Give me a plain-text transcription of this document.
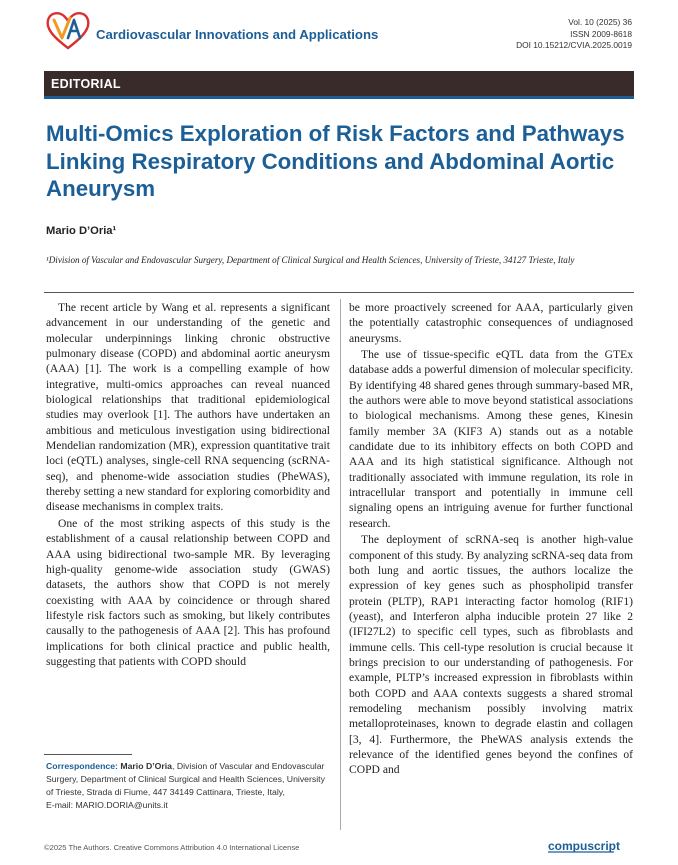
Cardiovascular Innovations and Applications
Vol. 10 (2025) 36
ISSN 2009-8618
DOI 10.15212/CVIA.2025.0019
EDITORIAL
Multi-Omics Exploration of Risk Factors and Pathways Linking Respiratory Conditions and Abdominal Aortic Aneurysm
Mario D’Oria¹
¹Division of Vascular and Endovascular Surgery, Department of Clinical Surgical and Health Sciences, University of Trieste, 34127 Trieste, Italy

The recent article by Wang et al. represents a significant advancement in our understanding of the genetic and molecular underpinnings linking chronic obstructive pulmonary disease (COPD) and abdominal aortic aneurysm (AAA) [1]. The work is a compelling example of how integrative, multi-omics approaches can reveal nuanced biological relationships that traditional epidemiological studies may overlook [1]. The authors have undertaken an ambitious and meticulous investigation using bidirectional Mendelian randomization (MR), expression quantitative trait loci (eQTL) analyses, single-cell RNA sequencing (scRNA-seq), and phenome-wide association studies (PheWAS), thereby setting a new standard for exploring comorbidity and disease mechanisms in complex traits.

One of the most striking aspects of this study is the establishment of a causal relationship between COPD and AAA using bidirectional two-sample MR. By leveraging high-quality genome-wide association study (GWAS) datasets, the authors show that COPD is not merely coexisting with AAA by coincidence or through shared lifestyle risk factors such as smoking, but likely contributes causally to the pathogenesis of AAA [2]. This has profound implications for both clinical practice and public health, suggesting that patients with COPD should

be more proactively screened for AAA, particularly given the potentially catastrophic consequences of undiagnosed aneurysms.

The use of tissue-specific eQTL data from the GTEx database adds a powerful dimension of molecular specificity. By identifying 48 shared genes through summary-based MR, the authors were able to move beyond statistical associations to biological mechanisms. Among these genes, Kinesin family member 3A (KIF3 A) stands out as a notable candidate due to its inhibitory effects on both COPD and AAA and its high statistical significance. Although not traditionally associated with immune regulation, its role in intracellular transport and potentially in immune cell signaling opens an intriguing avenue for further functional research.

The deployment of scRNA-seq is another high-value component of this study. By analyzing scRNA-seq data from both lung and aortic tissues, the authors localize the expression of key genes such as phospholipid transfer protein (PLTP), RAP1 interacting factor homolog (RIF1) (yeast), and Interferon alpha inducible protein 27 like 2 (IFI27L2) to specific cell types, such as fibroblasts and immune cells. This cell-type resolution is crucial because it brings precision to our understanding of pathogenesis. For example, PLTP’s increased expression in fibroblasts within both COPD and AAA contexts suggests a shared stromal remodeling mechanism possibly involving matrix metalloproteinases, known to degrade elastin and collagen [3, 4]. Furthermore, the PheWAS analysis extends the relevance of the identified genes beyond the confines of COPD and

Correspondence: Mario D’Oria, Division of Vascular and Endovascular Surgery, Department of Clinical Surgical and Health Sciences, University of Trieste, Strada di Fiume, 447 34149 Cattinara, Trieste, Italy,
E-mail: MARIO.DORIA@units.it
©2025 The Authors. Creative Commons Attribution 4.0 International License	compuscript
